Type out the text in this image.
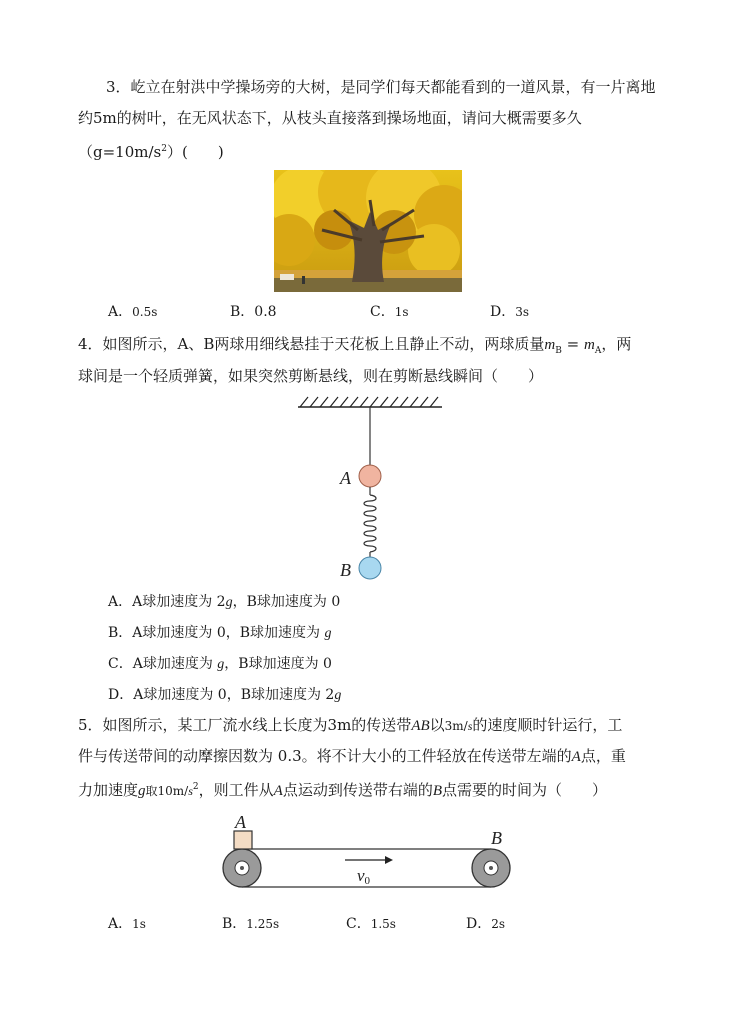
3．屹立在射洪中学操场旁的大树，是同学们每天都能看到的一道风景，有一片离地
约5m的树叶，在无风状态下，从枝头直接落到操场地面，请问大概需要多久
$(g=10m/s^2)$(　　)
A．0.5s	B．0.8	C．1s	D．3s
4．如图所示，A、B两球用细线悬挂于天花板上且静止不动，两球质量$m_B = m_A$，两
球间是一个轻质弹簧，如果突然剪断悬线，则在剪断悬线瞬间（　　）
A
B
A．A球加速度为 2g，B球加速度为 0
B．A球加速度为 0，B球加速度为 g
C．A球加速度为 g，B球加速度为 0
D．A球加速度为 0，B球加速度为 2g
5．如图所示，某工厂流水线上长度为3m的传送带AB以3m/s的速度顺时针运行，工
件与传送带间的动摩擦因数为 0.3。将不计大小的工件轻放在传送带左端的A点，重
力加速度g取$10m/s^2$，则工件从A点运动到传送带右端的B点需要的时间为（　　）
A
B
v0
A．1s	B．1.25s	C．1.5s	D．2s
